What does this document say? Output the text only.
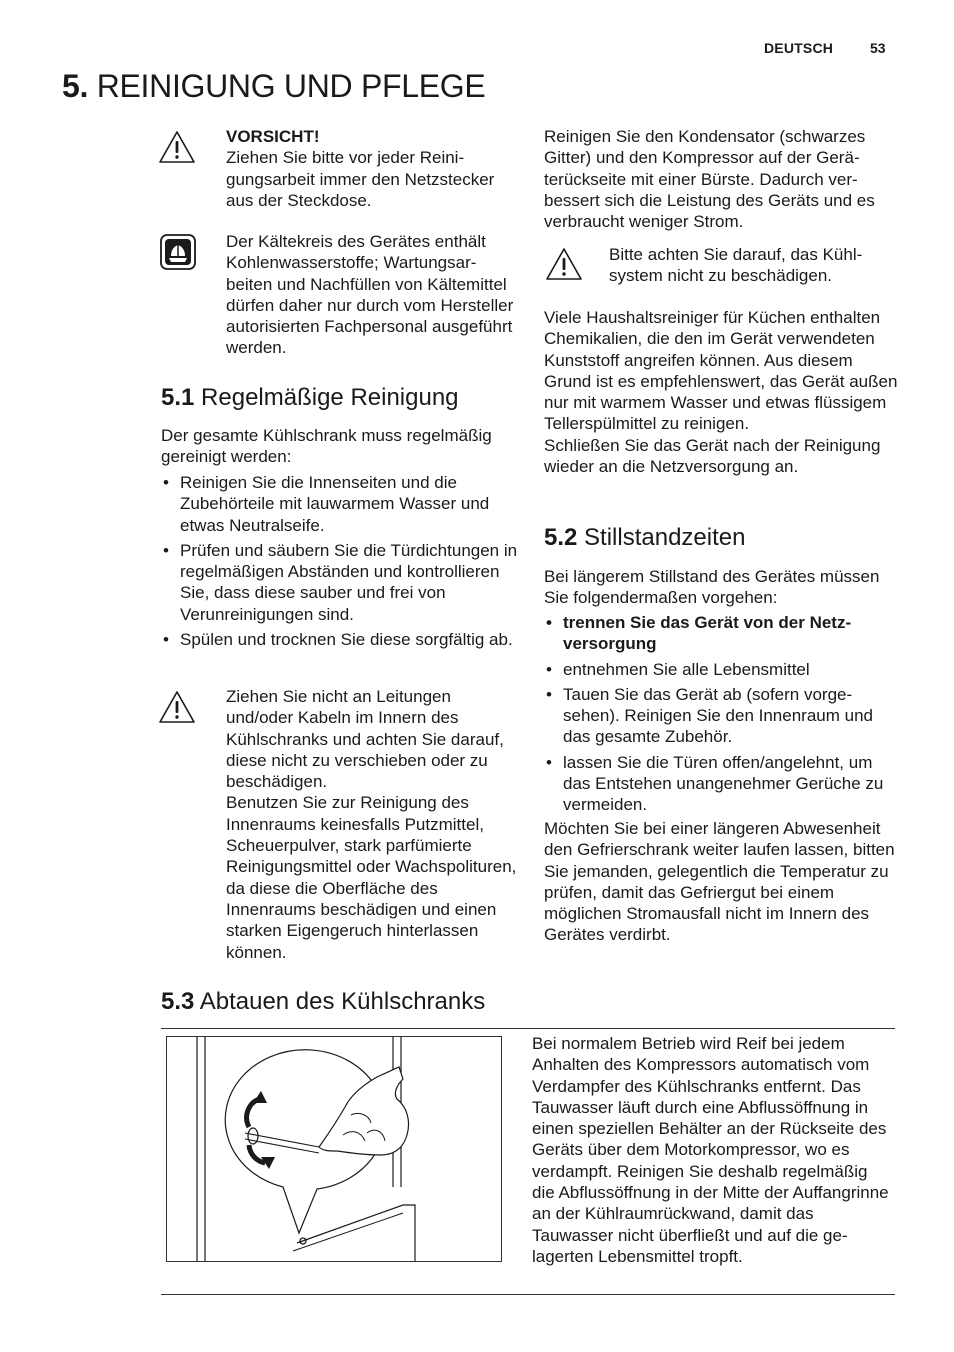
DEUTSCH	53
5. REINIGUNG UND PFLEGE
VORSICHT!
Ziehen Sie bitte vor jeder Reinigungsarbeit immer den Netzstecker aus der Steckdose.

Der Kältekreis des Gerätes enthält Kohlenwasserstoffe; Wartungsarbeiten und Nachfüllen von Kältemittel dürfen daher nur durch vom Hersteller autorisierten Fachpersonal ausgeführt werden.

5.1 Regelmäßige Reinigung

Der gesamte Kühlschrank muss regelmäßig gereinigt werden:

• Reinigen Sie die Innenseiten und die Zubehörteile mit lauwarmem Wasser und etwas Neutralseife.
• Prüfen und säubern Sie die Türdichtungen in regelmäßigen Abständen und kontrollieren Sie, dass diese sauber und frei von Verunreinigungen sind.
• Spülen und trocknen Sie diese sorgfältig ab.
Ziehen Sie nicht an Leitungen und/oder Kabeln im Innern des Kühlschranks und achten Sie darauf, diese nicht zu verschieben oder zu beschädigen.
Benutzen Sie zur Reinigung des Innenraums keinesfalls Putzmittel, Scheuerpulver, stark parfümierte Reinigungsmittel oder Wachspolituren, da diese die Oberfläche des Innenraums beschädigen und einen starken Eigengeruch hinterlassen können.

Reinigen Sie den Kondensator (schwarzes Gitter) und den Kompressor auf der Geräterückseite mit einer Bürste. Dadurch verbessert sich die Leistung des Geräts und es verbraucht weniger Strom.

Bitte achten Sie darauf, das Kühlsystem nicht zu beschädigen.

Viele Haushaltsreiniger für Küchen enthalten Chemikalien, die den im Gerät verwendeten Kunststoff angreifen können. Aus diesem Grund ist es empfehlenswert, das Gerät außen nur mit warmem Wasser und etwas flüssigem Tellerspülmittel zu reinigen.

Schließen Sie das Gerät nach der Reinigung wieder an die Netzversorgung an.

5.2 Stillstandzeiten

Bei längerem Stillstand des Gerätes müssen Sie folgendermaßen vorgehen:

• trennen Sie das Gerät von der Netzversorgung
• entnehmen Sie alle Lebensmittel
• Tauen Sie das Gerät ab (sofern vorgesehen). Reinigen Sie den Innenraum und das gesamte Zubehör.
• lassen Sie die Türen offen/angelehnt, um das Entstehen unangenehmer Gerüche zu vermeiden.

Möchten Sie bei einer längeren Abwesenheit den Gefrierschrank weiter laufen lassen, bitten Sie jemanden, gelegentlich die Temperatur zu prüfen, damit das Gefriergut bei einem möglichen Stromausfall nicht im Innern des Gerätes verdirbt.

5.3 Abtauen des Kühlschranks

Bei normalem Betrieb wird Reif bei jedem Anhalten des Kompressors automatisch vom Verdampfer des Kühlschranks entfernt. Das Tauwasser läuft durch eine Abflussöffnung in einen speziellen Behälter an der Rückseite des Geräts über dem Motorkompressor, wo es verdampft. Reinigen Sie deshalb regelmäßig die Abflussöffnung in der Mitte der Auffangrinne an der Kühlraumrückwand, damit das Tauwasser nicht überfließt und auf die gelagerten Lebensmittel tropft.
